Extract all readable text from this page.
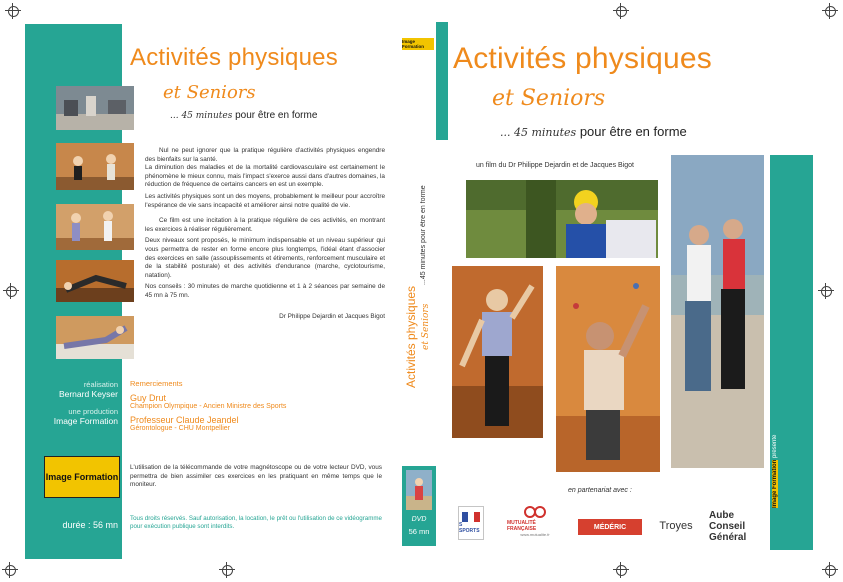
Activités physiques
et Seniors
... 45 minutes pour être en forme
Nul ne peut ignorer que la pratique régulière d'activités physiques engendre des bienfaits sur la santé.
La diminution des maladies et de la mortalité cardiovasculaire est certainement le phénomène le mieux connu, mais l'impact s'exerce aussi dans d'autres domaines, la réduction de fréquence de certains cancers en est un exemple.
Les activités physiques sont un des moyens, probablement le meilleur pour accroître l'espérance de vie sans incapacité et améliorer ainsi notre qualité de vie.
Ce film est une incitation à la pratique régulière de ces activités, en montrant les exercices à réaliser régulièrement.
Deux niveaux sont proposés, le minimum indispensable et un niveau supérieur qui vous permettra de rester en forme encore plus longtemps, l'idéal étant d'associer des exercices en salle (assouplissements et étirements, renforcement musculaire et de la stabilité posturale) et des activités d'endurance (marche, cyclotourisme, natation).
Nos conseils : 30 minutes de marche quotidienne et 1 à 2 séances par semaine de 45 mn à 75 mn.
Dr Philippe Dejardin et Jacques Bigot
Remerciements
Guy Drut
Champion Olympique - Ancien Ministre des Sports
Professeur Claude Jeandel
Gérontologue - CHU Montpellier
L'utilisation de la télécommande de votre magnétoscope ou de votre lecteur DVD, vous permettra de bien assimiler ces exercices en les pratiquant en même temps que le moniteur.
Tous droits réservés. Sauf autorisation, la location, le prêt ou l'utilisation de ce vidéogramme pour exécution publique sont interdits.
réalisation
Bernard Keyser
une production
Image Formation
Image Formation
durée : 56 mn
...45 minutes pour être en forme
Activités physiques et Seniors
DVD
56 mn
Image Formation Activités physiques
et Seniors
... 45 minutes pour être en forme
un film du Dr Philippe Dejardin et de Jacques Bigot
Image Formation présente
en partenariat avec :
S SPORTS
MUTUALITÉ FRANÇAISE
www.mutualite.fr
MÉDÉRIC	Troyes
Aube Conseil Général
